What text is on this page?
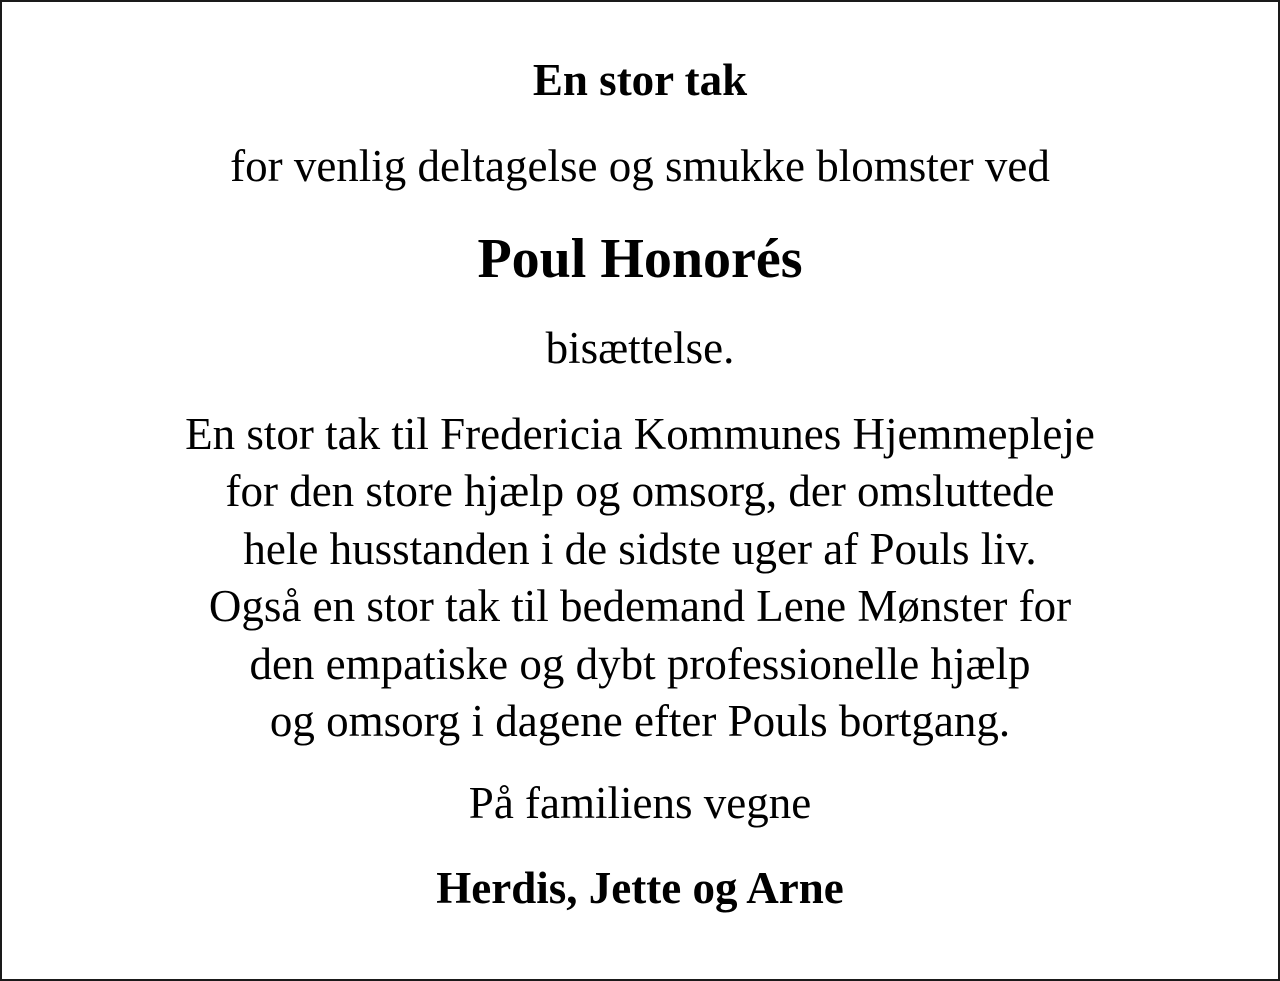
En stor tak

for venlig deltagelse og smukke blomster ved

Poul Honorés

bisættelse.

En stor tak til Fredericia Kommunes Hjemmepleje
for den store hjælp og omsorg, der omsluttede
hele husstanden i de sidste uger af Pouls liv.
Også en stor tak til bedemand Lene Mønster for
den empatiske og dybt professionelle hjælp
og omsorg i dagene efter Pouls bortgang.

På familiens vegne

Herdis, Jette og Arne
